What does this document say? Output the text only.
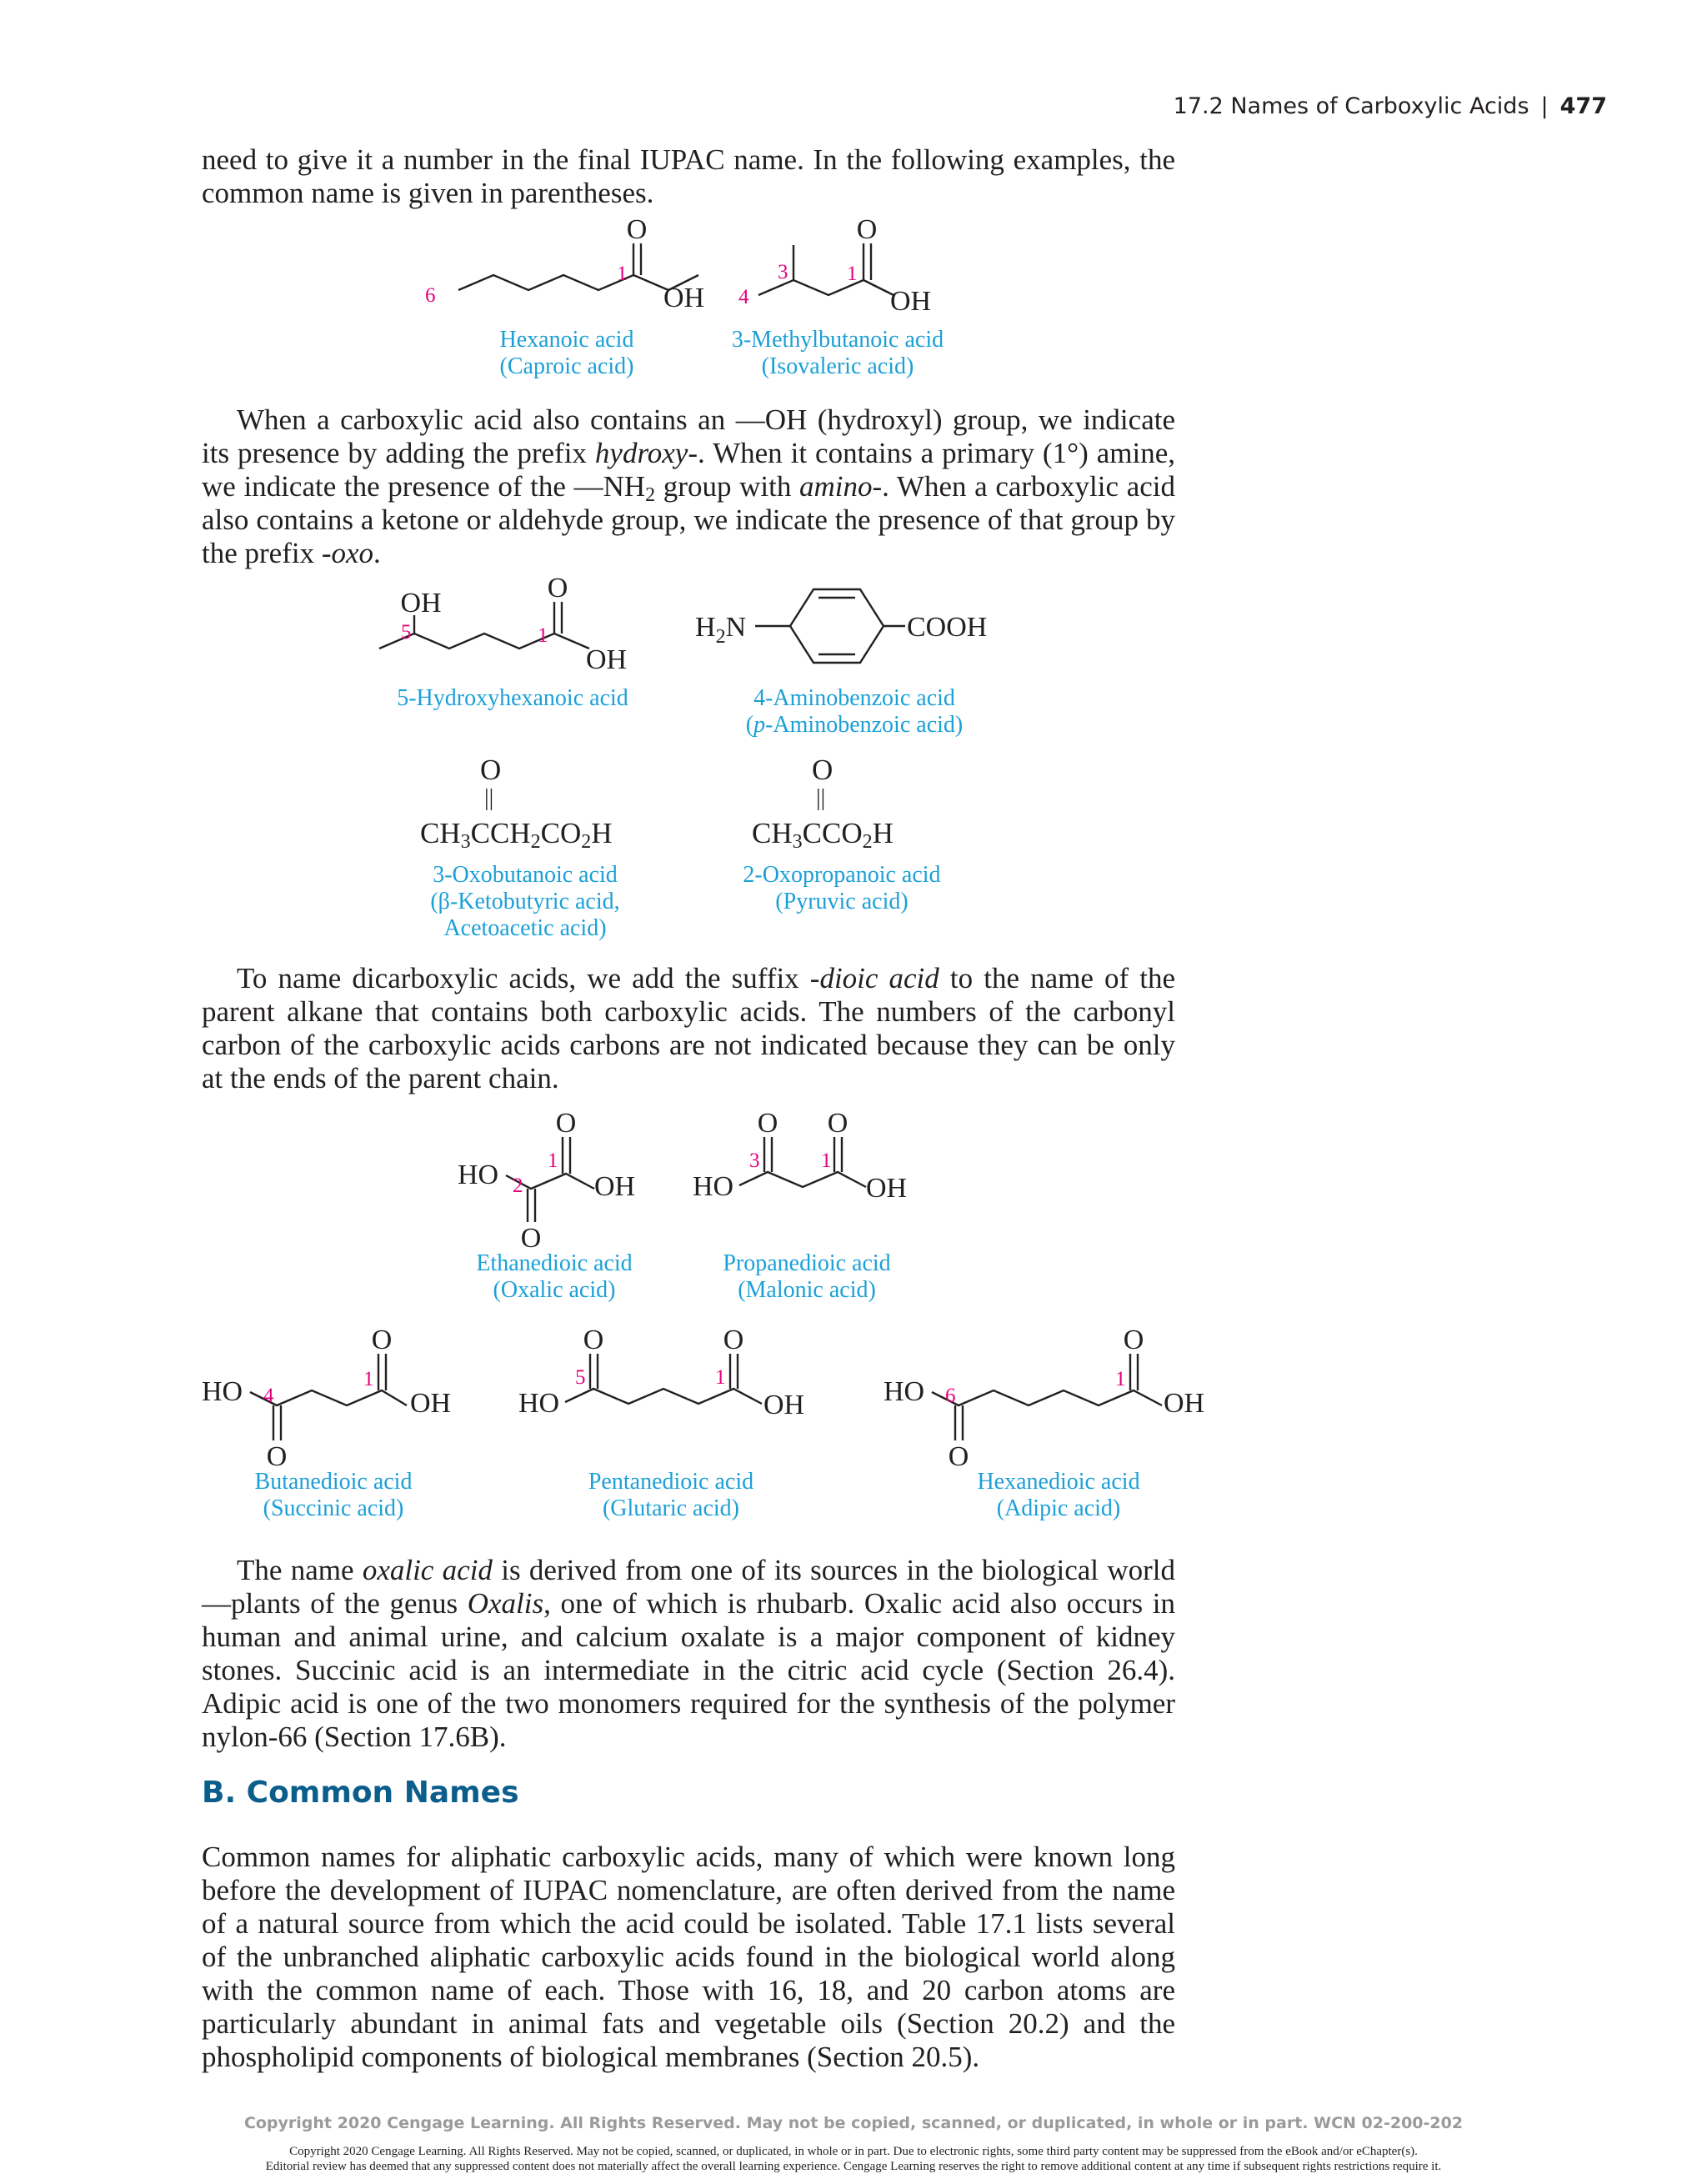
17.2 Names of Carboxylic Acids | 477

need to give it a number in the final IUPAC name. In the following examples, the common name is given in parentheses.

O
OH
1
6
Hexanoic acid
(Caproic acid)
O
OH
3	1
4
3-Methylbutanoic acid
(Isovaleric acid)

When a carboxylic acid also contains an —OH (hydroxyl) group, we indicate its presence by adding the prefix hydroxy-. When it contains a primary (1°) amine, we indicate the presence of the $—NH_2$ group with amino-. When a carboxylic acid also contains a ketone or aldehyde group, we indicate the presence of that group by the prefix -oxo.

OH	O
OH
5	1
5-Hydroxyhexanoic acid
$H_2N$	COOH
4-Aminobenzoic acid
(p-Aminobenzoic acid)
O
||
$CH_3CCH_2CO_2H$
3-Oxobutanoic acid
(β-Ketobutyric acid,
Acetoacetic acid)
O
||
$CH_3CCO_2H$
2-Oxopropanoic acid
(Pyruvic acid)

To name dicarboxylic acids, we add the suffix -dioic acid to the name of the parent alkane that contains both carboxylic acids. The numbers of the carbonyl carbon of the carboxylic acids carbons are not indicated because they can be only at the ends of the parent chain.

HO
O
O
OH
2
1
Ethanedioic acid
(Oxalic acid)
HO
O O
OH
3	1
Propanedioic acid
(Malonic acid)
HO
O
O
OH
4
1
Butanedioic acid
(Succinic acid)
HO
O	O
OH
5	1
Pentanedioic acid
(Glutaric acid)
HO
O
O
OH
6
1
Hexanedioic acid
(Adipic acid)

The name oxalic acid is derived from one of its sources in the biological world—plants of the genus Oxalis, one of which is rhubarb. Oxalic acid also occurs in human and animal urine, and calcium oxalate is a major component of kidney stones. Succinic acid is an intermediate in the citric acid cycle (Section 26.4). Adipic acid is one of the two monomers required for the synthesis of the polymer nylon-66 (Section 17.6B).

B. Common Names

Common names for aliphatic carboxylic acids, many of which were known long before the development of IUPAC nomenclature, are often derived from the name of a natural source from which the acid could be isolated. Table 17.1 lists several of the unbranched aliphatic carboxylic acids found in the biological world along with the common name of each. Those with 16, 18, and 20 carbon atoms are particularly abundant in animal fats and vegetable oils (Section 20.2) and the phospholipid components of biological membranes (Section 20.5).

Copyright 2020 Cengage Learning. All Rights Reserved. May not be copied, scanned, or duplicated, in whole or in part. WCN 02-200-202
Copyright 2020 Cengage Learning. All Rights Reserved. May not be copied, scanned, or duplicated, in whole or in part. Due to electronic rights, some third party content may be suppressed from the eBook and/or eChapter(s).
Editorial review has deemed that any suppressed content does not materially affect the overall learning experience. Cengage Learning reserves the right to remove additional content at any time if subsequent rights restrictions require it.
